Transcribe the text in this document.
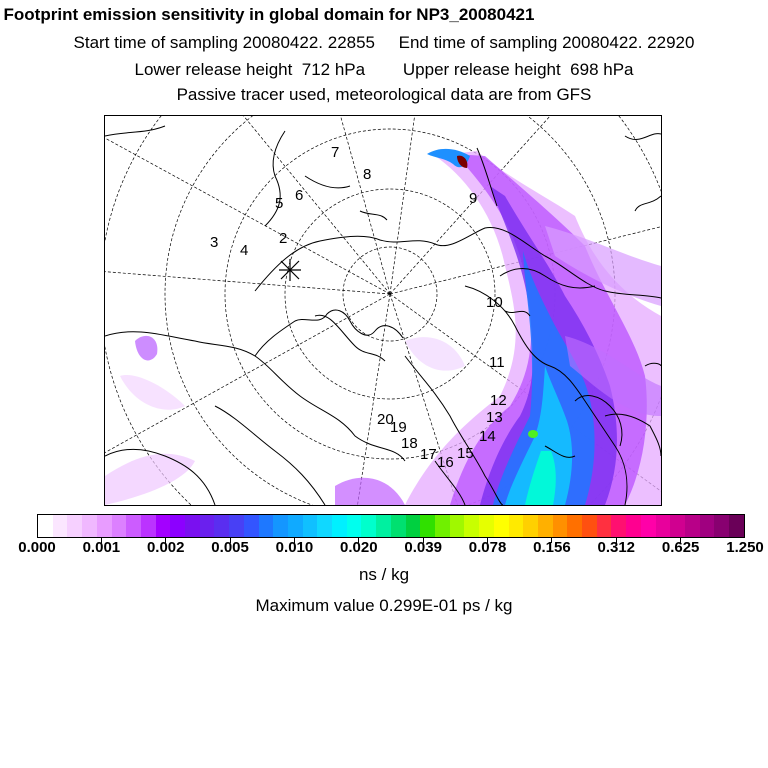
Footprint emission sensitivity in global domain for NP3_20080421
Start time of sampling 20080422. 22855     End time of sampling 20080422. 22920
Lower release height  712 hPa        Upper release height  698 hPa
Passive tracer used, meteorological data are from GFS
2
3 4
5 6
7
8
9
10
11
12
13
14
15
16
17
18
19
20
0.000 0.001 0.002 0.005 0.010 0.020 0.039 0.078 0.156 0.312 0.625 1.250
ns / kg
Maximum value 0.299E-01 ps / kg
